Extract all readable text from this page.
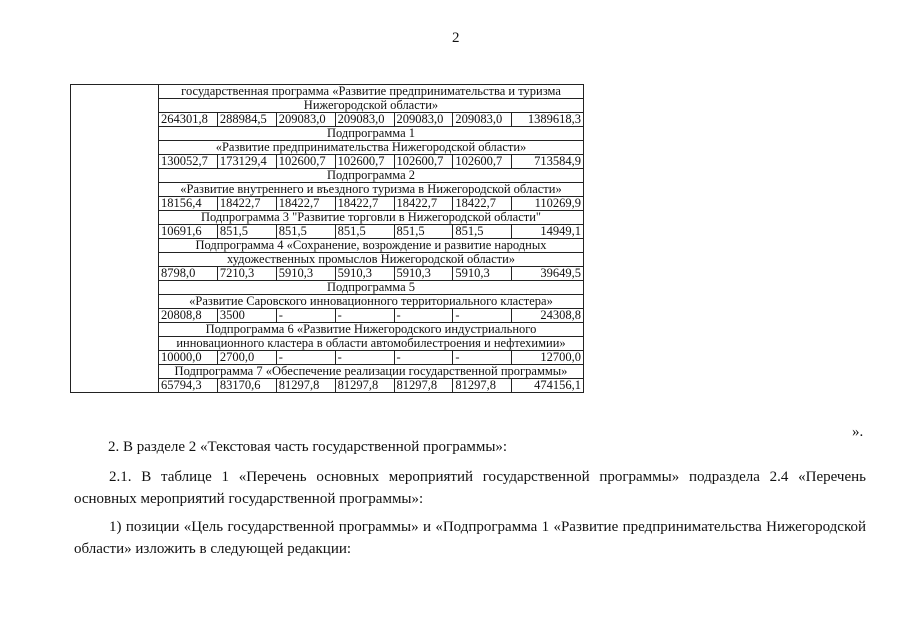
2
	государственная программа «Развитие предпринимательства и туризма						
	Нижегородской области»						
	264301,8	288984,5	209083,0	209083,0	209083,0	209083,0	1389618,3
	Подпрограмма 1						
	«Развитие предпринимательства Нижегородской области»						
	130052,7	173129,4	102600,7	102600,7	102600,7	102600,7	713584,9
	Подпрограмма 2						
	«Развитие внутреннего и въездного туризма в Нижегородской области»						
	18156,4	18422,7	18422,7	18422,7	18422,7	18422,7	110269,9
	Подпрограмма 3 "Развитие торговли в Нижегородской области"						
	10691,6	851,5	851,5	851,5	851,5	851,5	14949,1
	Подпрограмма 4 «Сохранение, возрождение и развитие народных						
	художественных промыслов Нижегородской области»						
	8798,0	7210,3	5910,3	5910,3	5910,3	5910,3	39649,5
	Подпрограмма 5						
	«Развитие Саровского инновационного территориального кластера»						
	20808,8	3500	-	-	-	-	24308,8
	Подпрограмма 6 «Развитие Нижегородского индустриального						
	инновационного кластера в области автомобилестроения и нефтехимии»						
	10000,0	2700,0	-	-	-	-	12700,0
	Подпрограмма 7 «Обеспечение реализации государственной программы»						
	65794,3	83170,6	81297,8	81297,8	81297,8	81297,8	474156,1
».
2. В разделе 2 «Текстовая часть государственной программы»:
2.1. В таблице 1 «Перечень основных мероприятий государственной программы» подраздела 2.4 «Перечень основных мероприятий государственной программы»:
1) позиции «Цель государственной программы» и «Подпрограмма 1 «Развитие предпринимательства Нижегородской области» изложить в следующей редакции:
